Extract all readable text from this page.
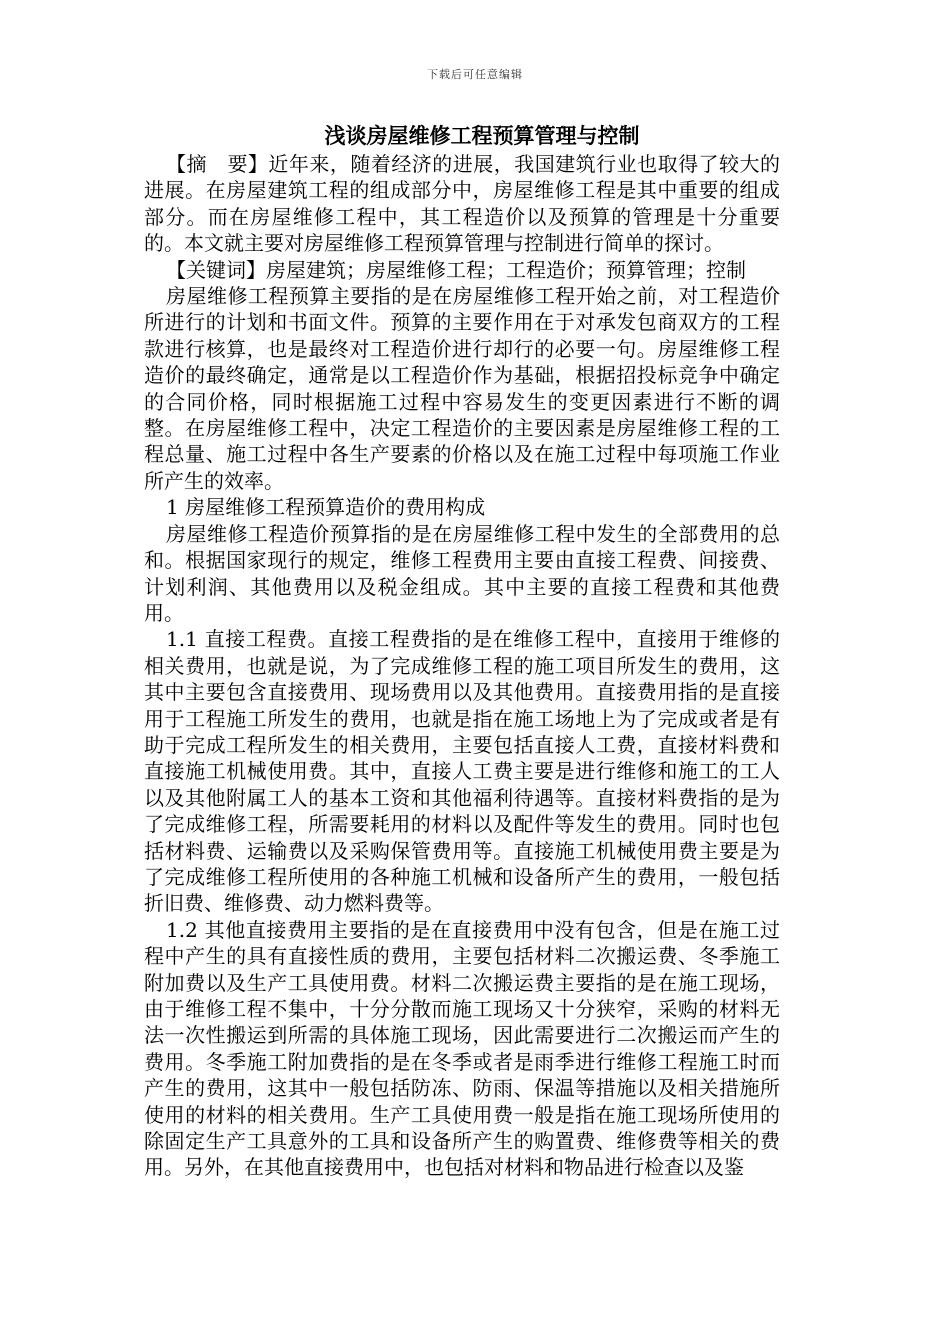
下载后可任意编辑

浅谈房屋维修工程预算管理与控制

【摘　要】近年来，随着经济的进展，我国建筑行业也取得了较大的进展。在房屋建筑工程的组成部分中，房屋维修工程是其中重要的组成部分。而在房屋维修工程中，其工程造价以及预算的管理是十分重要的。本文就主要对房屋维修工程预算管理与控制进行简单的探讨。

【关键词】房屋建筑；房屋维修工程；工程造价；预算管理；控制

房屋维修工程预算主要指的是在房屋维修工程开始之前，对工程造价所进行的计划和书面文件。预算的主要作用在于对承发包商双方的工程款进行核算，也是最终对工程造价进行却行的必要一句。房屋维修工程造价的最终确定，通常是以工程造价作为基础，根据招投标竞争中确定的合同价格，同时根据施工过程中容易发生的变更因素进行不断的调整。在房屋维修工程中，决定工程造价的主要因素是房屋维修工程的工程总量、施工过程中各生产要素的价格以及在施工过程中每项施工作业所产生的效率。

1 房屋维修工程预算造价的费用构成

房屋维修工程造价预算指的是在房屋维修工程中发生的全部费用的总和。根据国家现行的规定，维修工程费用主要由直接工程费、间接费、计划利润、其他费用以及税金组成。其中主要的直接工程费和其他费用。

1.1 直接工程费。直接工程费指的是在维修工程中，直接用于维修的相关费用，也就是说，为了完成维修工程的施工项目所发生的费用，这其中主要包含直接费用、现场费用以及其他费用。直接费用指的是直接用于工程施工所发生的费用，也就是指在施工场地上为了完成或者是有助于完成工程所发生的相关费用，主要包括直接人工费，直接材料费和直接施工机械使用费。其中，直接人工费主要是进行维修和施工的工人以及其他附属工人的基本工资和其他福利待遇等。直接材料费指的是为了完成维修工程，所需要耗用的材料以及配件等发生的费用。同时也包括材料费、运输费以及采购保管费用等。直接施工机械使用费主要是为了完成维修工程所使用的各种施工机械和设备所产生的费用，一般包括折旧费、维修费、动力燃料费等。

1.2 其他直接费用主要指的是在直接费用中没有包含，但是在施工过程中产生的具有直接性质的费用，主要包括材料二次搬运费、冬季施工附加费以及生产工具使用费。材料二次搬运费主要指的是在施工现场，由于维修工程不集中，十分分散而施工现场又十分狭窄，采购的材料无法一次性搬运到所需的具体施工现场，因此需要进行二次搬运而产生的费用。冬季施工附加费指的是在冬季或者是雨季进行维修工程施工时而产生的费用，这其中一般包括防冻、防雨、保温等措施以及相关措施所使用的材料的相关费用。生产工具使用费一般是指在施工现场所使用的除固定生产工具意外的工具和设备所产生的购置费、维修费等相关的费用。另外，在其他直接费用中，也包括对材料和物品进行检查以及鉴
